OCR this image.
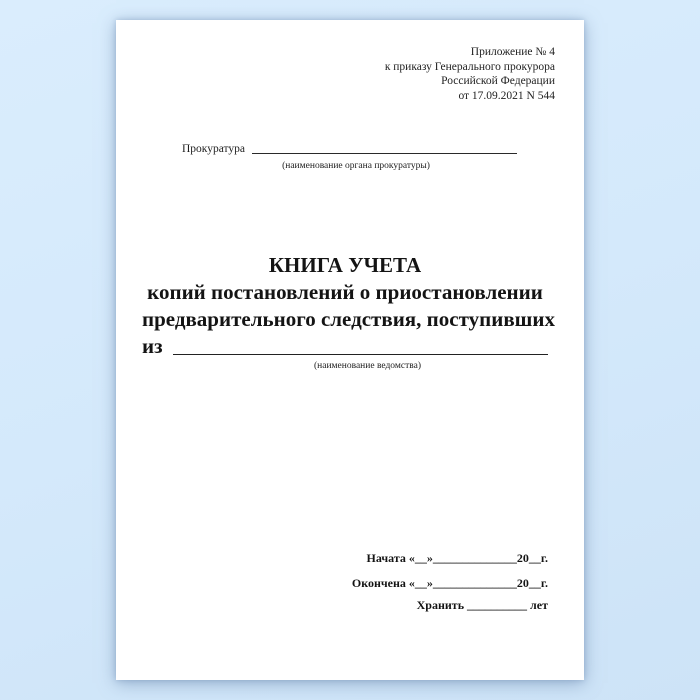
Приложение № 4
к приказу Генерального прокурора
Российской Федерации
от 17.09.2021 N 544
Прокуратура
(наименование органа прокуратуры)
КНИГА УЧЕТА
копий постановлений о приостановлении
предварительного следствия, поступивших
из
(наименование ведомства)
Начата «__»______________20__г.
Окончена «__»______________20__г.
Хранить __________ лет
